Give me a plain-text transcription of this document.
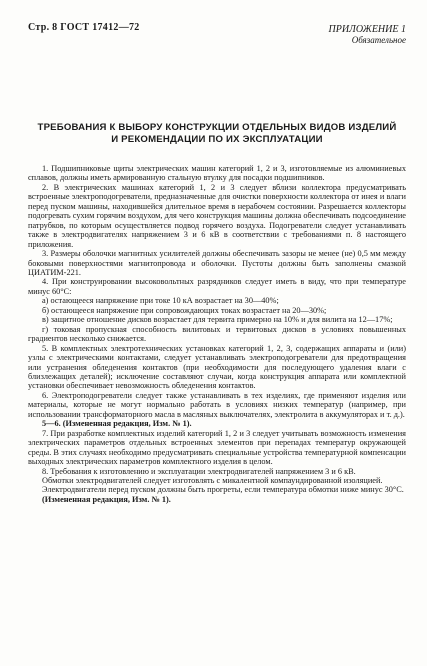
Стр. 8 ГОСТ 17412—72	ПРИЛОЖЕНИЕ 1
Обязательное
ТРЕБОВАНИЯ К ВЫБОРУ КОНСТРУКЦИИ ОТДЕЛЬНЫХ ВИДОВ ИЗДЕЛИЙ
И РЕКОМЕНДАЦИИ ПО ИХ ЭКСПЛУАТАЦИИ

1. Подшипниковые щиты электрических машин категорий 1, 2 и 3, изготовляемые из алюминиевых сплавов, должны иметь армированную стальную втулку для посадки подшипников.

2. В электрических машинах категорий 1, 2 и 3 следует вблизи коллектора предусматривать встроенные электроподогреватели, предназначенные для очистки поверхности коллектора от инея и влаги перед пуском машины, находившейся длительное время в нерабочем состоянии. Разрешается коллекторы подогревать сухим горячим воздухом, для чего конструкция машины должна обеспечивать подсоединение патрубков, по которым осуществляется подвод горячего воздуха. Подогреватели следует устанавливать также в электродвигателях напряжением 3 и 6 кВ в соответствии с требованиями п. 8 настоящего приложения.

3. Размеры оболочки магнитных усилителей должны обеспечивать зазоры не менее (не) 0,5 мм между боковыми поверхностями магнитопровода и оболочки. Пустоты должны быть заполнены смазкой ЦИАТИМ-221.

4. При конструировании высоковольтных разрядников следует иметь в виду, что при температуре минус 60°С:

а) остающееся напряжение при токе 10 кА возрастает на 30—40%;

б) остающееся напряжение при сопровождающих токах возрастает на 20—30%;

в) защитное отношение дисков возрастает для тервита примерно на 10% и для вилита на 12—17%;

г) токовая пропускная способность вилитовых и тервитовых дисков в условиях повышенных градиентов несколько снижается.

5. В комплектных электротехнических установках категорий 1, 2, 3, содержащих аппараты и (или) узлы с электрическими контактами, следует устанавливать электроподогреватели для предотвращения или устранения обледенения контактов (при необходимости для последующего удаления влаги с близлежащих деталей); исключение составляют случаи, когда конструкция аппарата или комплектной установки обеспечивает невозможность обледенения контактов.

6. Электроподогреватели следует также устанавливать в тех изделиях, где применяют изделия или материалы, которые не могут нормально работать в условиях низких температур (например, при использовании трансформаторного масла в масляных выключателях, электролита в аккумуляторах и т. д.).

5—6. (Измененная редакция, Изм. № 1).

7. При разработке комплектных изделий категорий 1, 2 и 3 следует учитывать возможность изменения электрических параметров отдельных встроенных элементов при перепадах температур окружающей среды. В этих случаях необходимо предусматривать специальные устройства температурной компенсации выходных электрических параметров комплектного изделия в целом.

8. Требования к изготовлению и эксплуатации электродвигателей напряжением 3 и 6 кВ.

Обмотки электродвигателей следует изготовлять с микалентной компаундированной изоляцией.

Электродвигатели перед пуском должны быть прогреты, если температура обмотки ниже минус 30°С.

(Измененная редакция, Изм. № 1).
